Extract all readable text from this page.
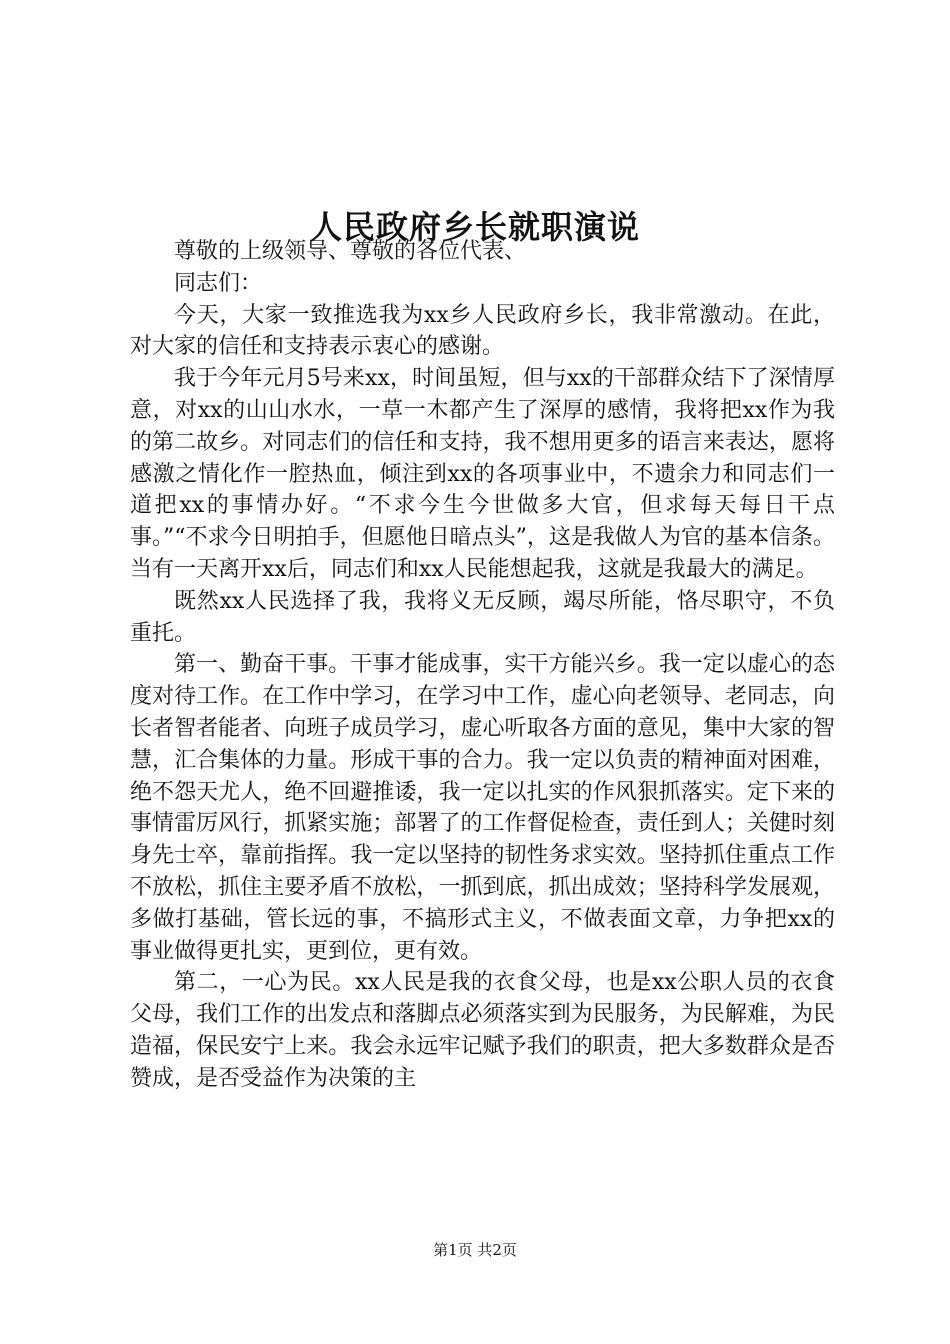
人民政府乡长就职演说

尊敬的上级领导、尊敬的各位代表、

同志们：

今天，大家一致推选我为xx乡人民政府乡长，我非常激动。在此，对大家的信任和支持表示衷心的感谢。

我于今年元月5号来xx，时间虽短，但与xx的干部群众结下了深情厚意，对xx的山山水水，一草一木都产生了深厚的感情，我将把xx作为我的第二故乡。对同志们的信任和支持，我不想用更多的语言来表达，愿将感激之情化作一腔热血，倾注到xx的各项事业中，不遗余力和同志们一道把xx的事情办好。“不求今生今世做多大官，但求每天每日干点事。”“不求今日明拍手，但愿他日暗点头”，这是我做人为官的基本信条。当有一天离开xx后，同志们和xx人民能想起我，这就是我最大的满足。

既然xx人民选择了我，我将义无反顾，竭尽所能，恪尽职守，不负重托。

第一、勤奋干事。干事才能成事，实干方能兴乡。我一定以虚心的态度对待工作。在工作中学习，在学习中工作，虚心向老领导、老同志，向长者智者能者、向班子成员学习，虚心听取各方面的意见，集中大家的智慧，汇合集体的力量。形成干事的合力。我一定以负责的精神面对困难，绝不怨天尤人，绝不回避推诿，我一定以扎实的作风狠抓落实。定下来的事情雷厉风行，抓紧实施；部署了的工作督促检查，责任到人；关健时刻身先士卒，靠前指挥。我一定以坚持的韧性务求实效。坚持抓住重点工作不放松，抓住主要矛盾不放松，一抓到底，抓出成效；坚持科学发展观，多做打基础，管长远的事，不搞形式主义，不做表面文章，力争把xx的事业做得更扎实，更到位，更有效。

第二，一心为民。xx人民是我的衣食父母，也是xx公职人员的衣食父母，我们工作的出发点和落脚点必须落实到为民服务，为民解难，为民造福，保民安宁上来。我会永远牢记赋予我们的职责，把大多数群众是否赞成，是否受益作为决策的主

第1页 共2页
